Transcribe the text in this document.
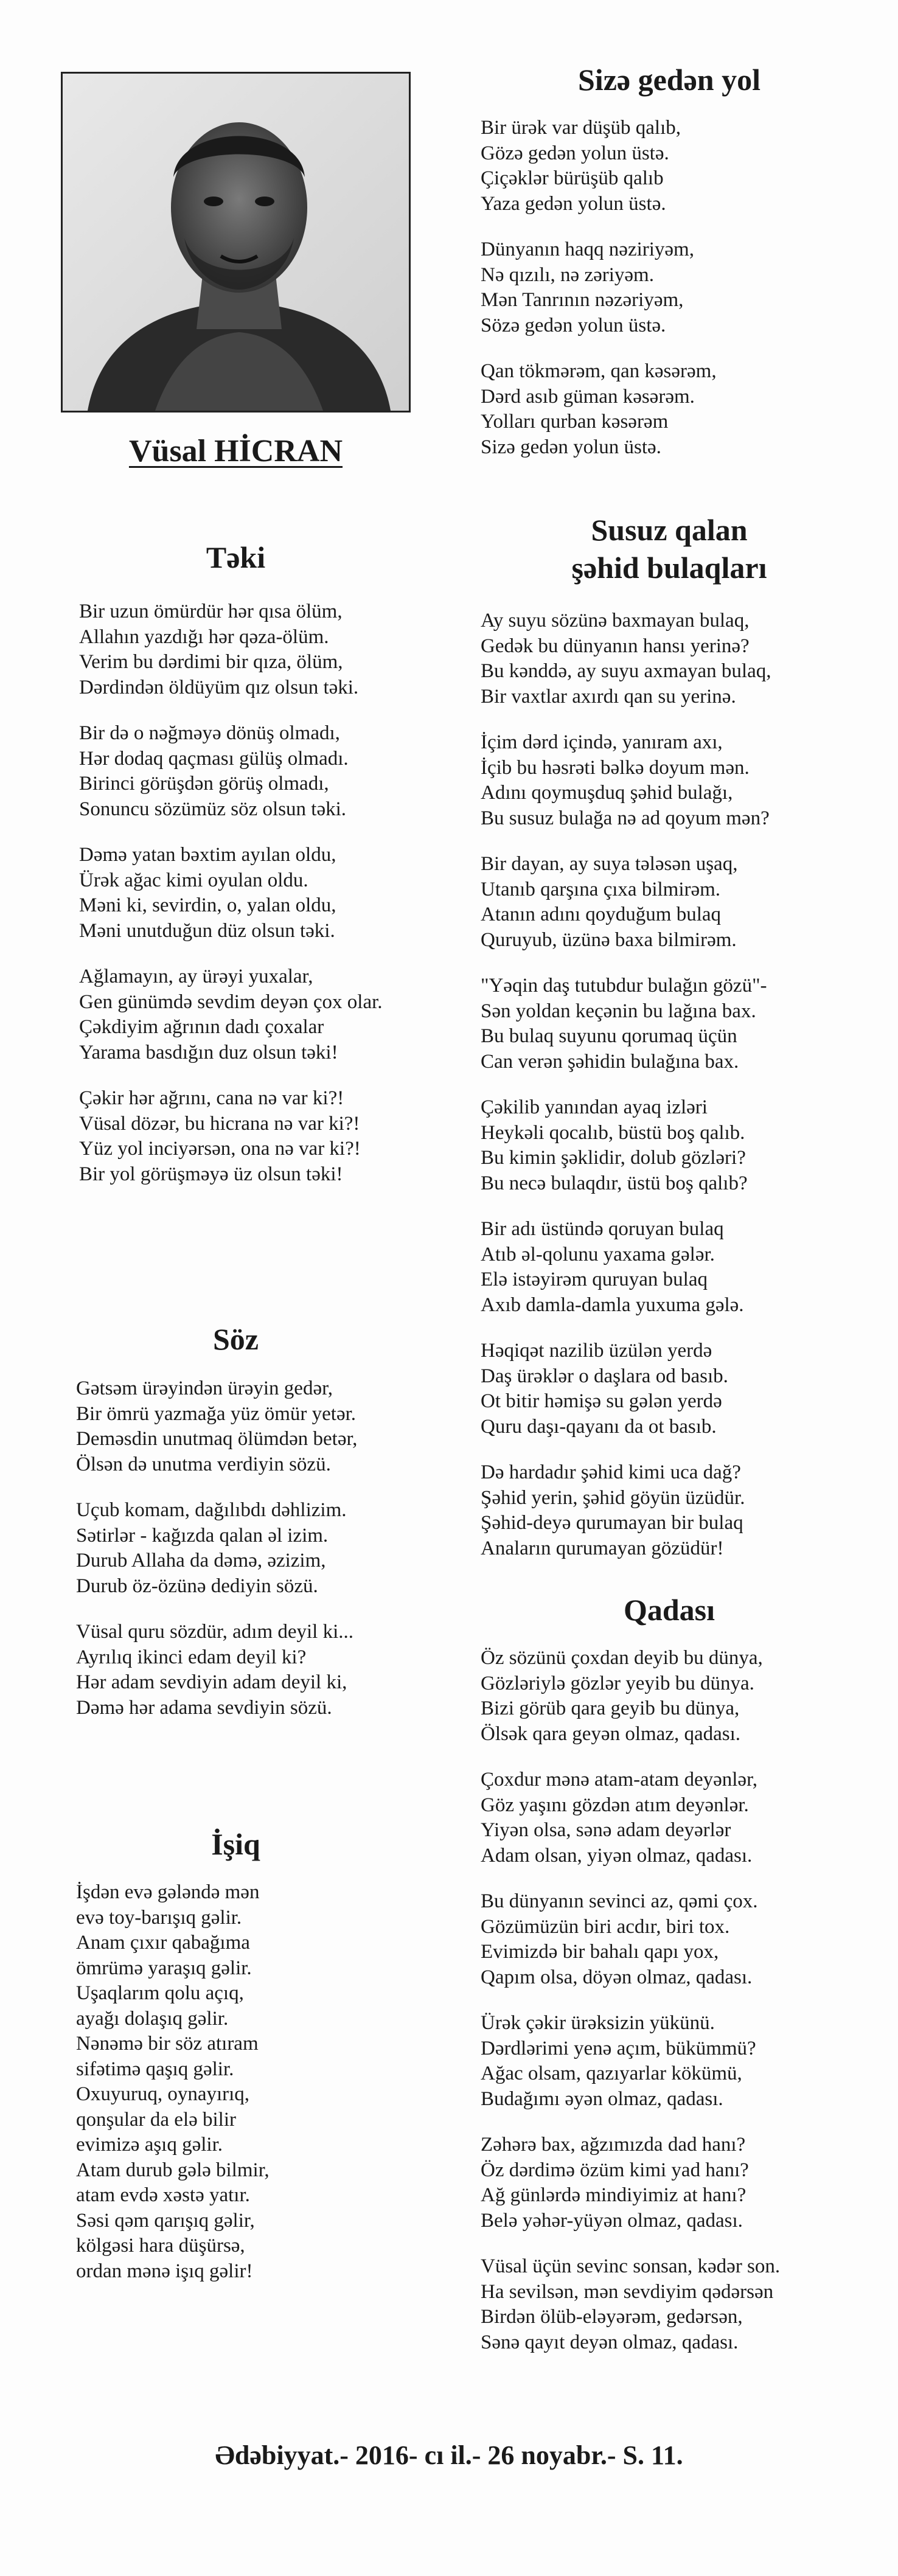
Vüsal HİCRAN
Təki
Bir uzun ömürdür hər qısa ölüm,
Allahın yazdığı hər qəza-ölüm.
Verim bu dərdimi bir qıza, ölüm,
Dərdindən öldüyüm qız olsun təki.
Bir də o nəğməyə dönüş olmadı,
Hər dodaq qaçması gülüş olmadı.
Birinci görüşdən görüş olmadı,
Sonuncu sözümüz söz olsun təki.
Dəmə yatan bəxtim ayılan oldu,
Ürək ağac kimi oyulan oldu.
Məni ki, sevirdin, o, yalan oldu,
Məni unutduğun düz olsun təki.
Ağlamayın, ay ürəyi yuxalar,
Gen günümdə sevdim deyən çox olar.
Çəkdiyim ağrının dadı çoxalar
Yarama basdığın duz olsun təki!
Çəkir hər ağrını, cana nə var ki?!
Vüsal dözər, bu hicrana nə var ki?!
Yüz yol inciyərsən, ona nə var ki?!
Bir yol görüşməyə üz olsun təki!
Söz
Gətsəm ürəyindən ürəyin gedər,
Bir ömrü yazmağa yüz ömür yetər.
Deməsdin unutmaq ölümdən betər,
Ölsən də unutma verdiyin sözü.
Uçub komam, dağılıbdı dəhlizim.
Sətirlər - kağızda qalan əl izim.
Durub Allaha da dəmə, əzizim,
Durub öz-özünə dediyin sözü.
Vüsal quru sözdür, adım deyil ki...
Ayrılıq ikinci edam deyil ki?
Hər adam sevdiyin adam deyil ki,
Dəmə hər adama sevdiyin sözü.
İşiq
İşdən evə gələndə mən
evə toy-barışıq gəlir.
Anam çıxır qabağıma
ömrümə yaraşıq gəlir.
Uşaqlarım qolu açıq,
ayağı dolaşıq gəlir.
Nənəmə bir söz atıram
sifətimə qaşıq gəlir.
Oxuyuruq, oynayırıq,
qonşular da elə bilir
evimizə aşıq gəlir.
Atam durub gələ bilmir,
atam evdə xəstə yatır.
Səsi qəm qarışıq gəlir,
kölgəsi hara düşürsə,
ordan mənə işıq gəlir!
Sizə gedən yol
Bir ürək var düşüb qalıb,
Gözə gedən yolun üstə.
Çiçəklər bürüşüb qalıb
Yaza gedən yolun üstə.
Dünyanın haqq nəziriyəm,
Nə qızılı, nə zəriyəm.
Mən Tanrının nəzəriyəm,
Sözə gedən yolun üstə.
Qan tökmərəm, qan kəsərəm,
Dərd asıb güman kəsərəm.
Yolları qurban kəsərəm
Sizə gedən yolun üstə.
Susuz qalan
şəhid bulaqları
Ay suyu sözünə baxmayan bulaq,
Gedək bu dünyanın hansı yerinə?
Bu kənddə, ay suyu axmayan bulaq,
Bir vaxtlar axırdı qan su yerinə.
İçim dərd içində, yanıram axı,
İçib bu həsrəti bəlkə doyum mən.
Adını qoymuşduq şəhid bulağı,
Bu susuz bulağa nə ad qoyum mən?
Bir dayan, ay suya tələsən uşaq,
Utanıb qarşına çıxa bilmirəm.
Atanın adını qoyduğum bulaq
Quruyub, üzünə baxa bilmirəm.
"Yəqin daş tutubdur bulağın gözü"-
Sən yoldan keçənin bu lağına bax.
Bu bulaq suyunu qorumaq üçün
Can verən şəhidin bulağına bax.
Çəkilib yanından ayaq izləri
Heykəli qocalıb, büstü boş qalıb.
Bu kimin şəklidir, dolub gözləri?
Bu necə bulaqdır, üstü boş qalıb?
Bir adı üstündə qoruyan bulaq
Atıb əl-qolunu yaxama gələr.
Elə istəyirəm quruyan bulaq
Axıb damla-damla yuxuma gələ.
Həqiqət nazilib üzülən yerdə
Daş ürəklər o daşlara od basıb.
Ot bitir həmişə su gələn yerdə
Quru daşı-qayanı da ot basıb.
Də hardadır şəhid kimi uca dağ?
Şəhid yerin, şəhid göyün üzüdür.
Şəhid-deyə qurumayan bir bulaq
Anaların qurumayan gözüdür!
Qadası
Öz sözünü çoxdan deyib bu dünya,
Gözləriylə gözlər yeyib bu dünya.
Bizi görüb qara geyib bu dünya,
Ölsək qara geyən olmaz, qadası.
Çoxdur mənə atam-atam deyənlər,
Göz yaşını gözdən atım deyənlər.
Yiyən olsa, sənə adam deyərlər
Adam olsan, yiyən olmaz, qadası.
Bu dünyanın sevinci az, qəmi çox.
Gözümüzün biri acdır, biri tox.
Evimizdə bir bahalı qapı yox,
Qapım olsa, döyən olmaz, qadası.
Ürək çəkir ürəksizin yükünü.
Dərdlərimi yenə açım, bükümmü?
Ağac olsam, qazıyarlar kökümü,
Budağımı əyən olmaz, qadası.
Zəhərə bax, ağzımızda dad hanı?
Öz dərdimə özüm kimi yad hanı?
Ağ günlərdə mindiyimiz at hanı?
Belə yəhər-yüyən olmaz, qadası.
Vüsal üçün sevinc sonsan, kədər son.
Ha sevilsən, mən sevdiyim qədərsən
Birdən ölüb-eləyərəm, gedərsən,
Sənə qayıt deyən olmaz, qadası.
Ədəbiyyat.- 2016- cı il.- 26 noyabr.- S. 11.
